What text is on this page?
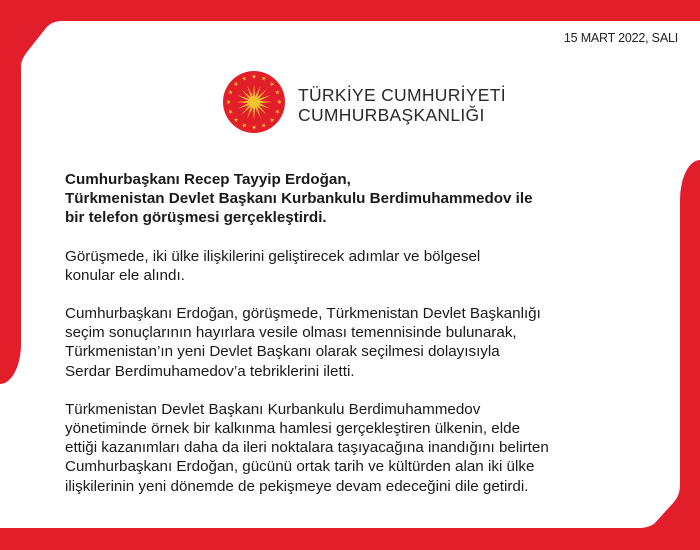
15 MART 2022, SALI
★ ★
★
★
★
★
★
★
★
★
★
★
★
★
★
★
TÜRKİYE CUMHURİYETİ
CUMHURBAŞKANLIĞI
Cumhurbaşkanı Recep Tayyip Erdoğan,
Türkmenistan Devlet Başkanı Kurbankulu Berdimuhammedov ile
bir telefon görüşmesi gerçekleştirdi.
Görüşmede, iki ülke ilişkilerini geliştirecek adımlar ve bölgesel
konular ele alındı.
Cumhurbaşkanı Erdoğan, görüşmede, Türkmenistan Devlet Başkanlığı
seçim sonuçlarının hayırlara vesile olması temennisinde bulunarak,
Türkmenistan’ın yeni Devlet Başkanı olarak seçilmesi dolayısıyla
Serdar Berdimuhamedov’a tebriklerini iletti.
Türkmenistan Devlet Başkanı Kurbankulu Berdimuhammedov
yönetiminde örnek bir kalkınma hamlesi gerçekleştiren ülkenin, elde
ettiği kazanımları daha da ileri noktalara taşıyacağına inandığını belirten
Cumhurbaşkanı Erdoğan, gücünü ortak tarih ve kültürden alan iki ülke
ilişkilerinin yeni dönemde de pekişmeye devam edeceğini dile getirdi.
